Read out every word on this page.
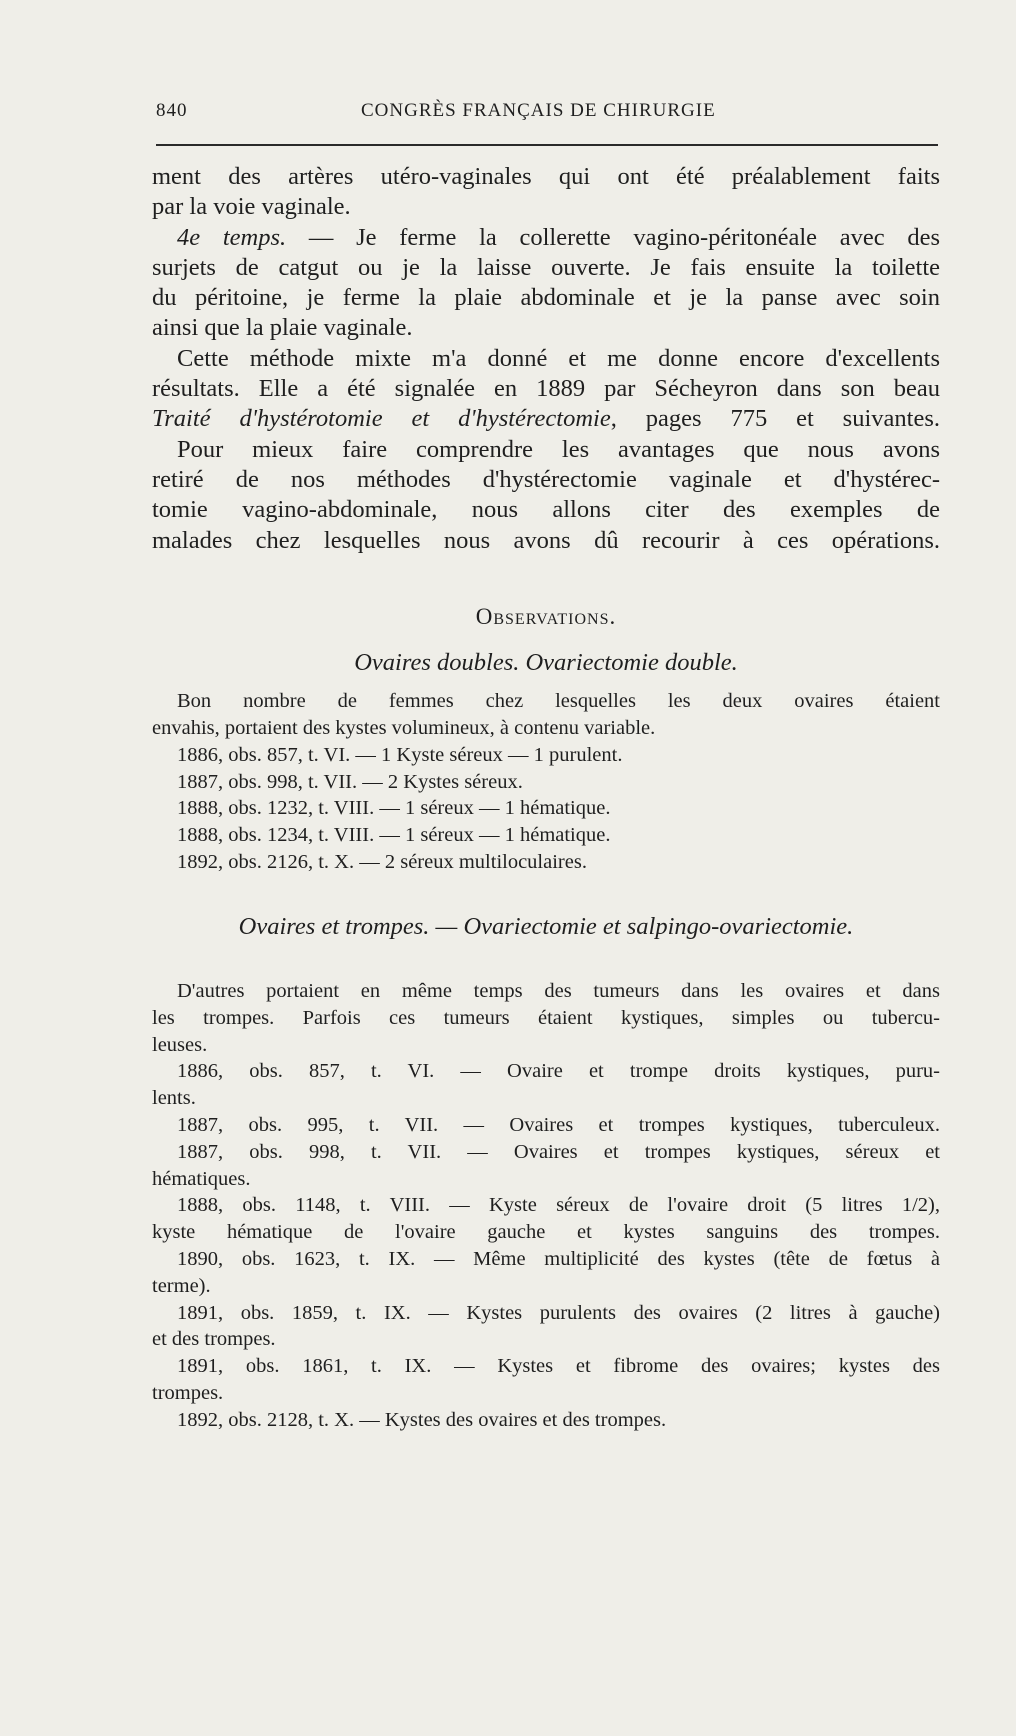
840	CONGRÈS FRANÇAIS DE CHIRURGIE
ment des artères utéro-vaginales qui ont été préalablement faits
par la voie vaginale.
4e temps. — Je ferme la collerette vagino-péritonéale avec des
surjets de catgut ou je la laisse ouverte. Je fais ensuite la toilette
du péritoine, je ferme la plaie abdominale et je la panse avec soin
ainsi que la plaie vaginale.
Cette méthode mixte m'a donné et me donne encore d'excellents
résultats. Elle a été signalée en 1889 par Sécheyron dans son beau
Traité d'hystérotomie et d'hystérectomie, pages 775 et suivantes.
Pour mieux faire comprendre les avantages que nous avons
retiré de nos méthodes d'hystérectomie vaginale et d'hystérec-
tomie vagino-abdominale, nous allons citer des exemples de
malades chez lesquelles nous avons dû recourir à ces opérations.
Observations.
Ovaires doubles. Ovariectomie double.
Bon nombre de femmes chez lesquelles les deux ovaires étaient
envahis, portaient des kystes volumineux, à contenu variable.
1886, obs. 857, t. VI. — 1 Kyste séreux — 1 purulent.
1887, obs. 998, t. VII. — 2 Kystes séreux.
1888, obs. 1232, t. VIII. — 1 séreux — 1 hématique.
1888, obs. 1234, t. VIII. — 1 séreux — 1 hématique.
1892, obs. 2126, t. X. — 2 séreux multiloculaires.
Ovaires et trompes. — Ovariectomie et salpingo-ovariectomie.
D'autres portaient en même temps des tumeurs dans les ovaires et dans
les trompes. Parfois ces tumeurs étaient kystiques, simples ou tubercu-
leuses.
1886, obs. 857, t. VI. — Ovaire et trompe droits kystiques, puru-
lents.
1887, obs. 995, t. VII. — Ovaires et trompes kystiques, tuberculeux.
1887, obs. 998, t. VII. — Ovaires et trompes kystiques, séreux et
hématiques.
1888, obs. 1148, t. VIII. — Kyste séreux de l'ovaire droit (5 litres 1/2),
kyste hématique de l'ovaire gauche et kystes sanguins des trompes.
1890, obs. 1623, t. IX. — Même multiplicité des kystes (tête de fœtus à
terme).
1891, obs. 1859, t. IX. — Kystes purulents des ovaires (2 litres à gauche)
et des trompes.
1891, obs. 1861, t. IX. — Kystes et fibrome des ovaires; kystes des
trompes.
1892, obs. 2128, t. X. — Kystes des ovaires et des trompes.
